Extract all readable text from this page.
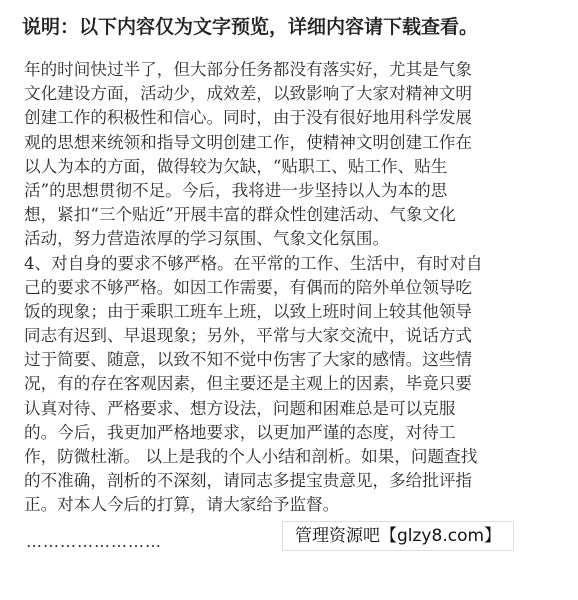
说明：以下内容仅为文字预览，详细内容请下载查看。
年的时间快过半了，但大部分任务都没有落实好，尤其是气象
文化建设方面，活动少，成效差，以致影响了大家对精神文明
创建工作的积极性和信心。同时，由于没有很好地用科学发展
观的思想来统领和指导文明创建工作，使精神文明创建工作在
以人为本的方面，做得较为欠缺，“贴职工、贴工作、贴生
活”的思想贯彻不足。今后，我将进一步坚持以人为本的思
想，紧扣“三个贴近”开展丰富的群众性创建活动、气象文化
活动，努力营造浓厚的学习氛围、气象文化氛围。
4、对自身的要求不够严格。在平常的工作、生活中，有时对自
己的要求不够严格。如因工作需要，有偶而的陪外单位领导吃
饭的现象；由于乘职工班车上班，以致上班时间上较其他领导
同志有迟到、早退现象；另外，平常与大家交流中，说话方式
过于简要、随意，以致不知不觉中伤害了大家的感情。这些情
况，有的存在客观因素，但主要还是主观上的因素，毕竟只要
认真对待、严格要求、想方设法，问题和困难总是可以克服
的。今后，我更加严格地要求，以更加严谨的态度，对待工
作，防微杜渐。 以上是我的个人小结和剖析。如果，问题查找
的不准确，剖析的不深刻，请同志多提宝贵意见，多给批评指
正。对本人今后的打算，请大家给予监督。
……………………	管理资源吧【glzy8.com】
